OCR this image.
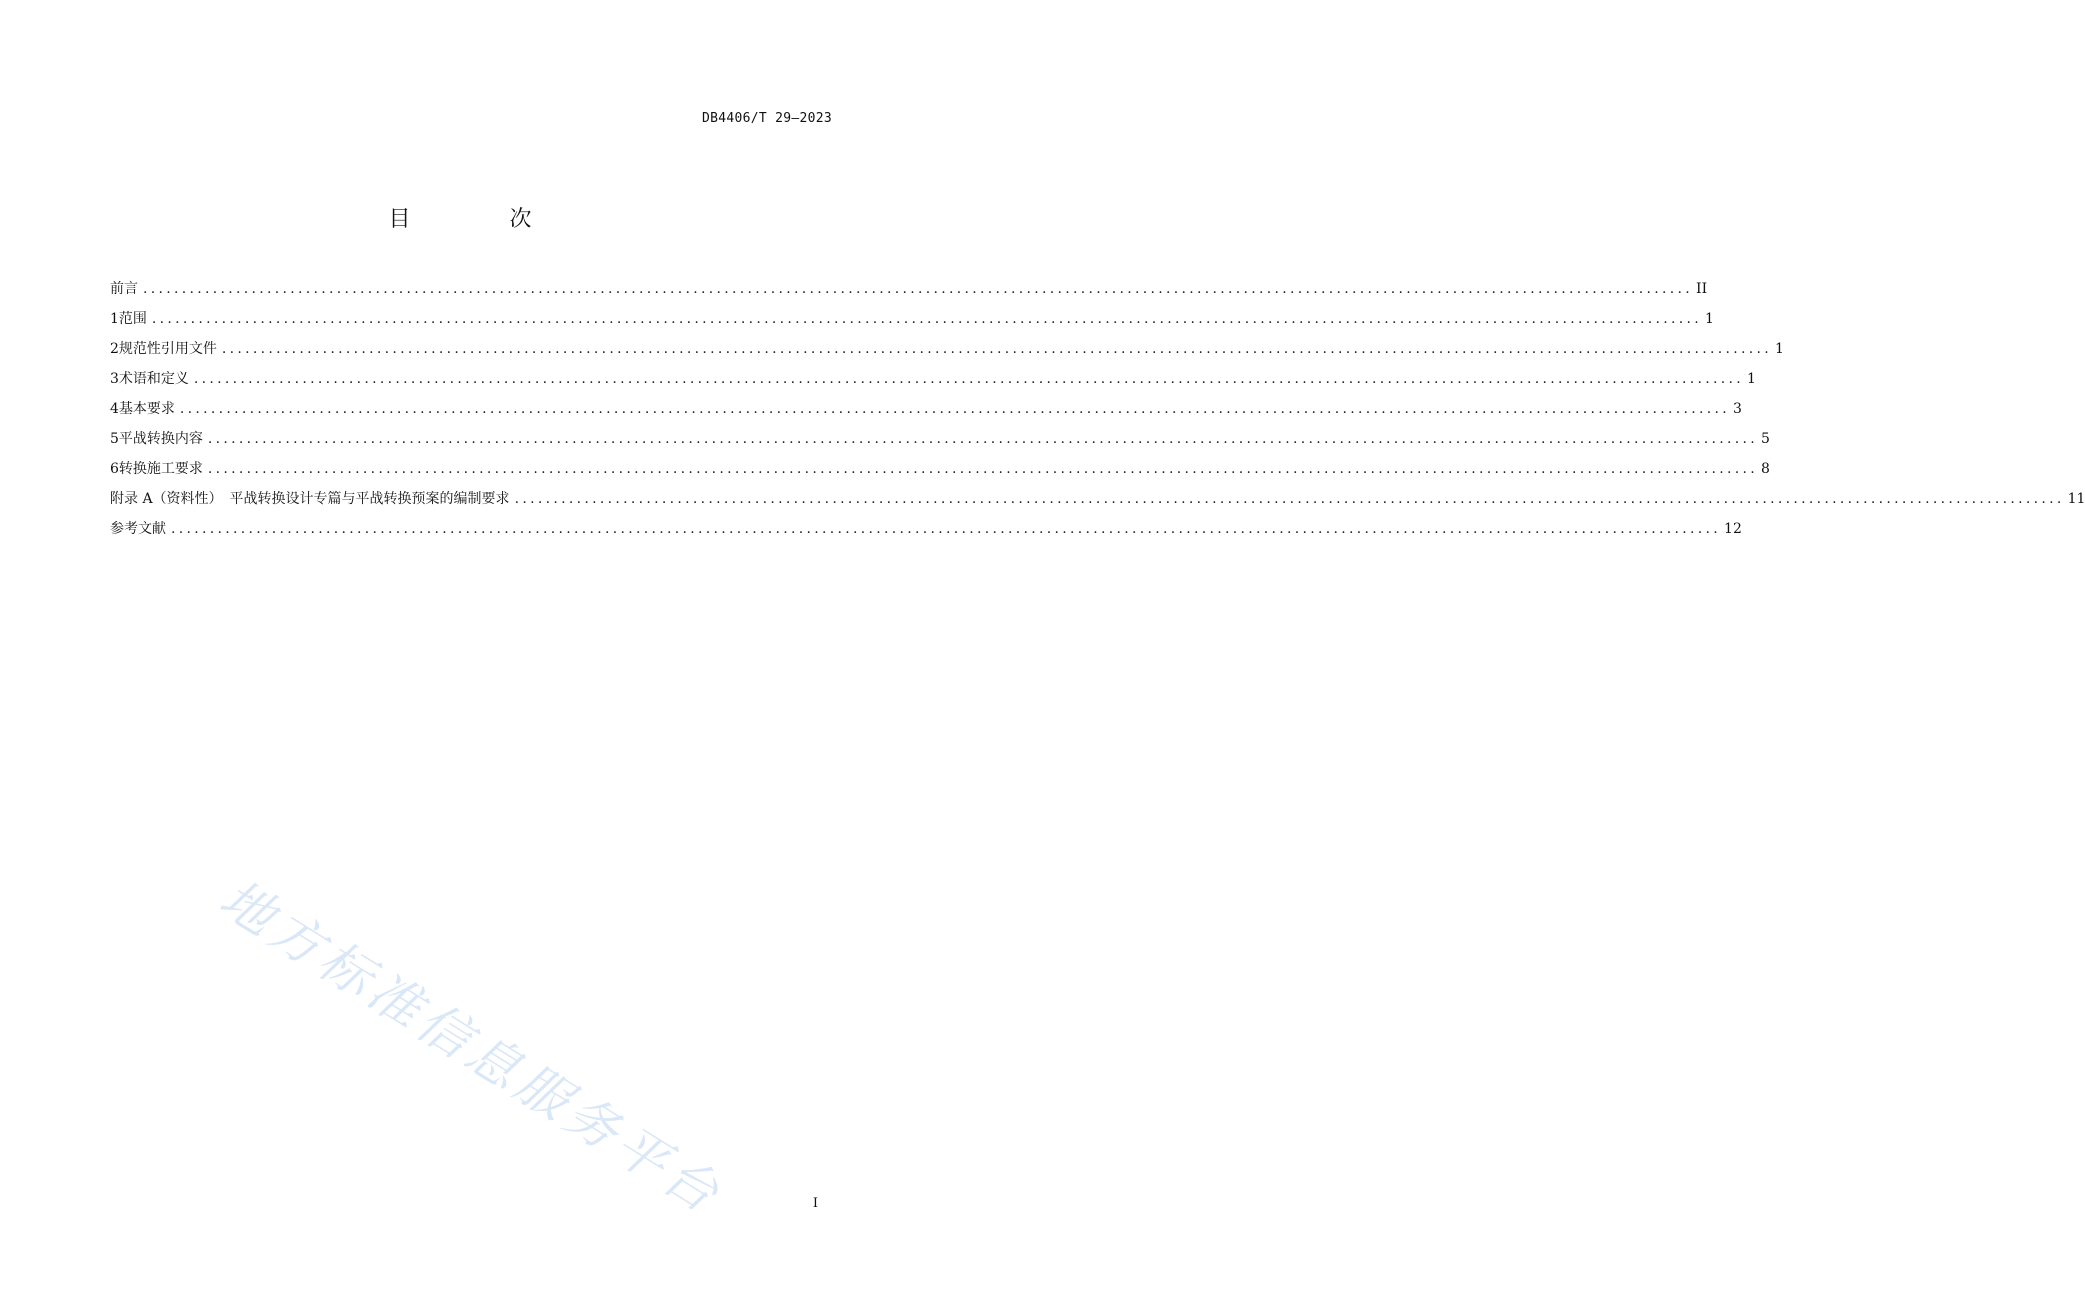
DB4406/T 29—2023
目 次
前言 ........................................................................................................................................................................................................ II
1 范围 ........................................................................................................................................................................................................ 1
2 规范性引用文件 ........................................................................................................................................................................................................ 1
3 术语和定义 ........................................................................................................................................................................................................ 1
4 基本要求 ........................................................................................................................................................................................................ 3
5 平战转换内容 ........................................................................................................................................................................................................ 5
6 转换施工要求 ........................................................................................................................................................................................................ 8
附录 A（资料性）　平战转换设计专篇与平战转换预案的编制要求 ........................................................................................................................................................................................................ 11
参考文献 ........................................................................................................................................................................................................ 12
地方标准信息服务平台	I
